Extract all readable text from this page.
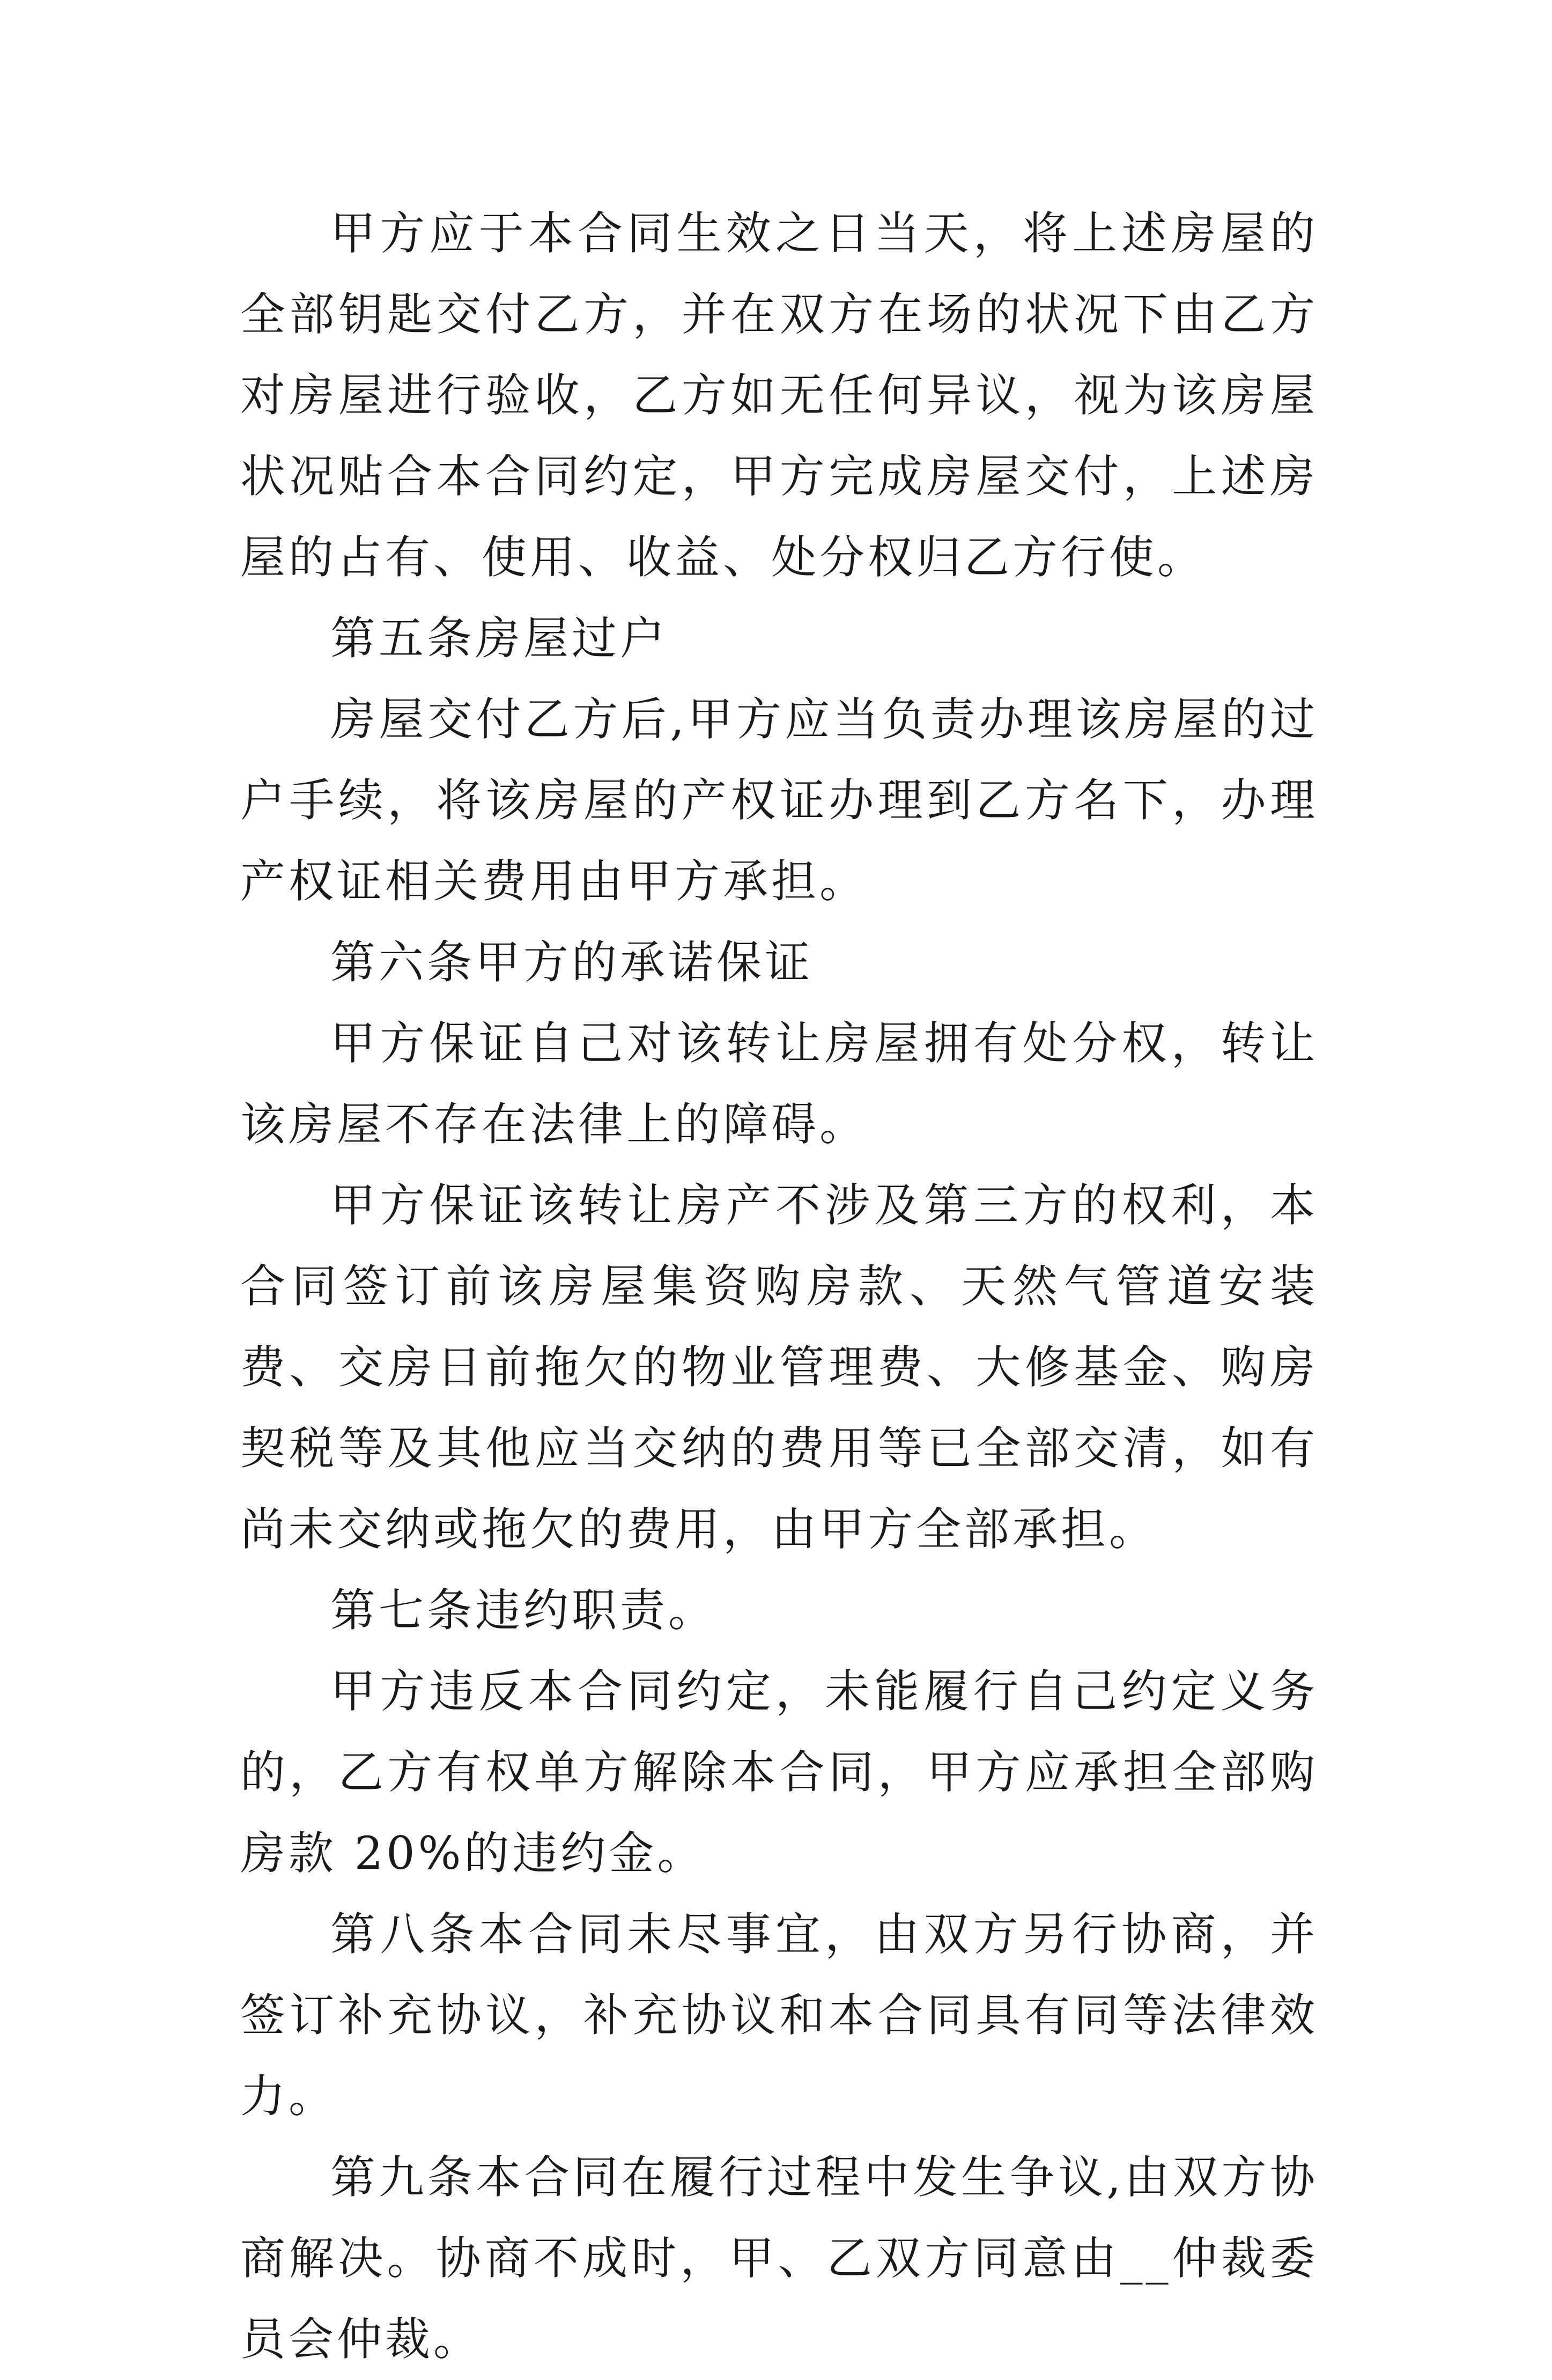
甲方应于本合同生效之日当天，将上述房屋的全部钥匙交付乙方，并在双方在场的状况下由乙方对房屋进行验收，乙方如无任何异议，视为该房屋状况贴合本合同约定，甲方完成房屋交付，上述房屋的占有、使用、收益、处分权归乙方行使。

第五条房屋过户

房屋交付乙方后,甲方应当负责办理该房屋的过户手续，将该房屋的产权证办理到乙方名下，办理产权证相关费用由甲方承担。

第六条甲方的承诺保证

甲方保证自己对该转让房屋拥有处分权，转让该房屋不存在法律上的障碍。

甲方保证该转让房产不涉及第三方的权利，本合同签订前该房屋集资购房款、天然气管道安装费、交房日前拖欠的物业管理费、大修基金、购房契税等及其他应当交纳的费用等已全部交清，如有尚未交纳或拖欠的费用，由甲方全部承担。

第七条违约职责。

甲方违反本合同约定，未能履行自己约定义务的，乙方有权单方解除本合同，甲方应承担全部购房款 20%的违约金。

第八条本合同未尽事宜，由双方另行协商，并签订补充协议，补充协议和本合同具有同等法律效力。

第九条本合同在履行过程中发生争议,由双方协商解决。协商不成时，甲、乙双方同意由__仲裁委员会仲裁。
